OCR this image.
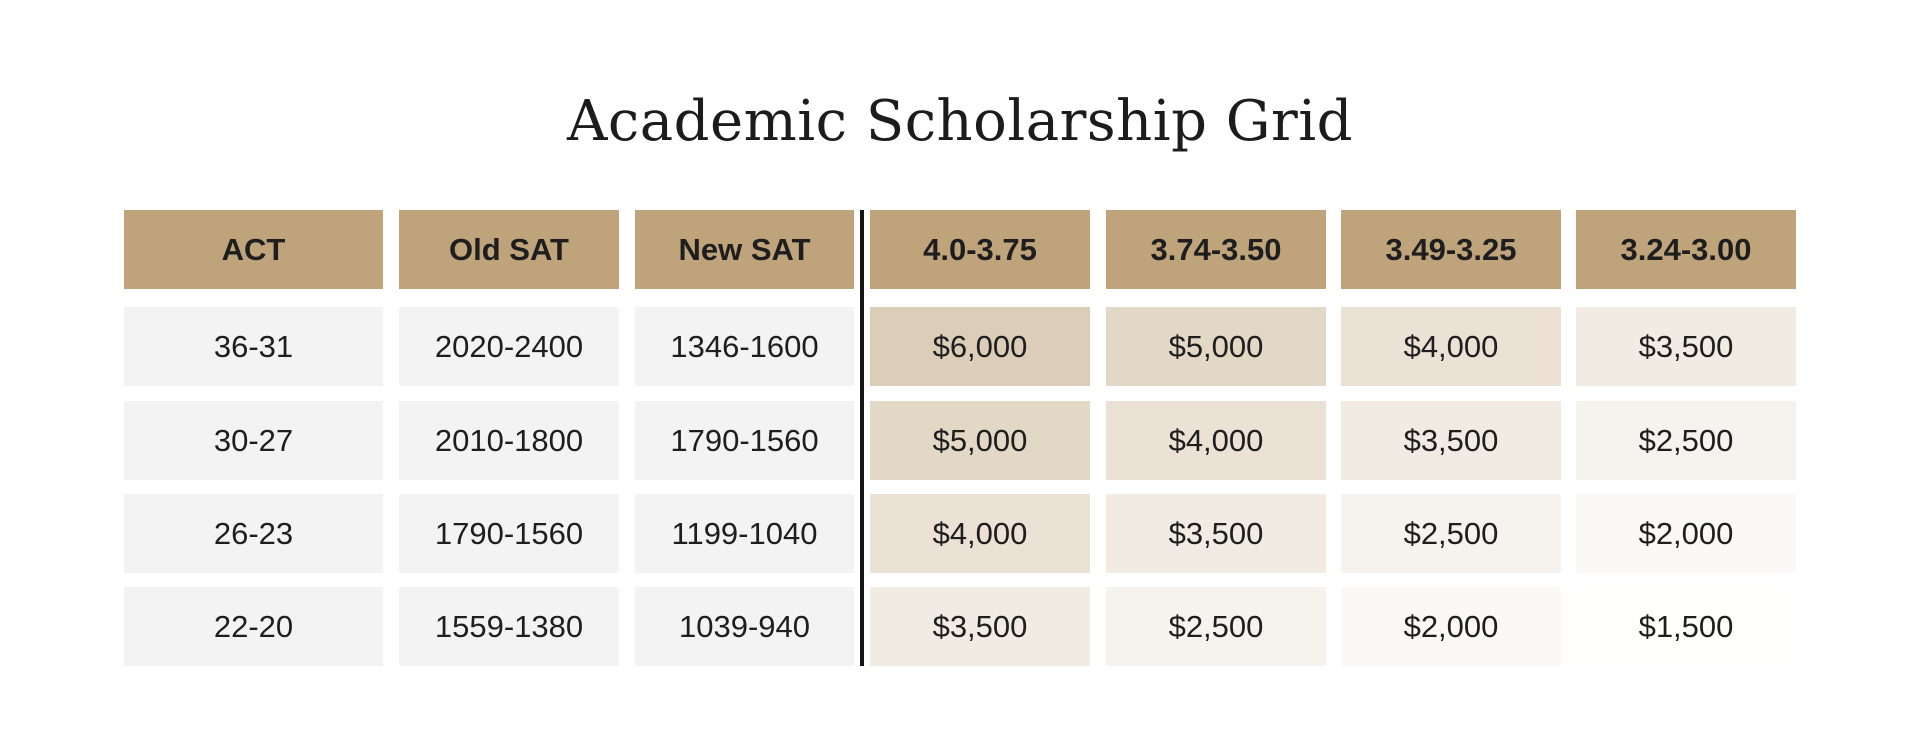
Academic Scholarship Grid
ACT	Old SAT	New SAT	4.0-3.75	3.74-3.50	3.49-3.25	3.24-3.00
36-31	2020-2400	1346-1600	$6,000	$5,000	$4,000	$3,500
30-27	2010-1800	1790-1560	$5,000	$4,000	$3,500	$2,500
26-23	1790-1560	1199-1040	$4,000	$3,500	$2,500	$2,000
22-20	1559-1380	1039-940	$3,500	$2,500	$2,000	$1,500
